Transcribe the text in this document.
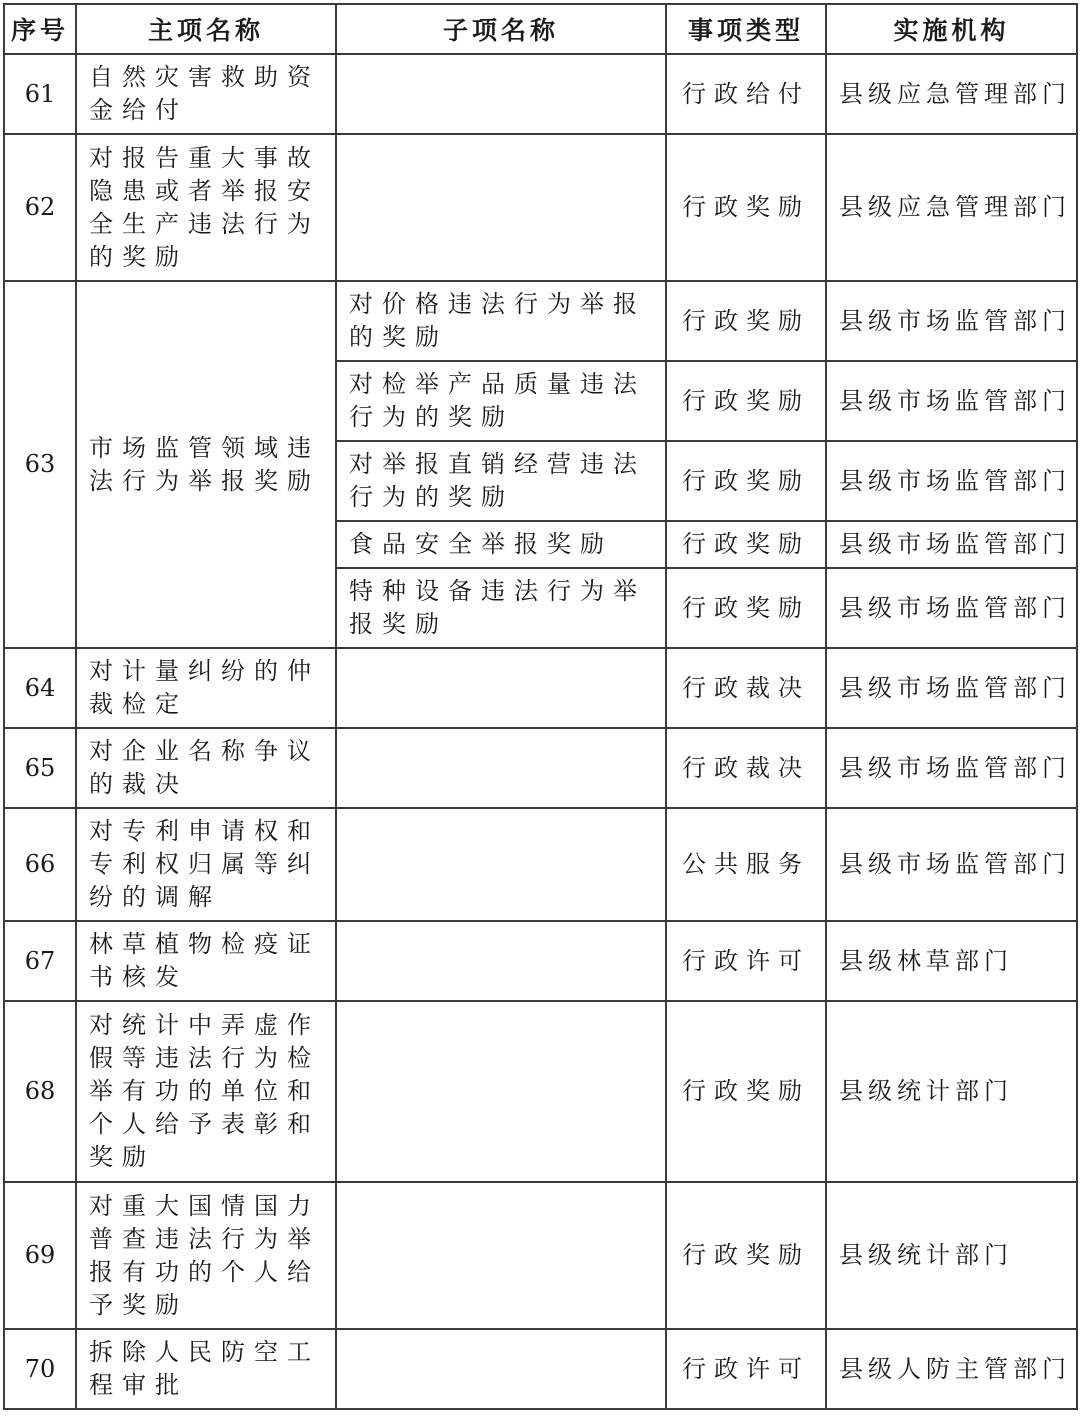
序号	主项名称	子项名称	事项类型	实施机构
61	自然灾害救助资金给付		行政给付	县级应急管理部门
62	对报告重大事故隐患或者举报安全生产违法行为的奖励		行政奖励	县级应急管理部门
63	市场监管领域违法行为举报奖励	对价格违法行为举报的奖励	行政奖励	县级市场监管部门
		对检举产品质量违法行为的奖励	行政奖励	县级市场监管部门
		对举报直销经营违法行为的奖励	行政奖励	县级市场监管部门
		食品安全举报奖励	行政奖励	县级市场监管部门
		特种设备违法行为举报奖励	行政奖励	县级市场监管部门
64	对计量纠纷的仲裁检定		行政裁决	县级市场监管部门
65	对企业名称争议的裁决		行政裁决	县级市场监管部门
66	对专利申请权和专利权归属等纠纷的调解		公共服务	县级市场监管部门
67	林草植物检疫证书核发		行政许可	县级林草部门
68	对统计中弄虚作假等违法行为检举有功的单位和个人给予表彰和奖励		行政奖励	县级统计部门
69	对重大国情国力普查违法行为举报有功的个人给予奖励		行政奖励	县级统计部门
70	拆除人民防空工程审批		行政许可	县级人防主管部门
